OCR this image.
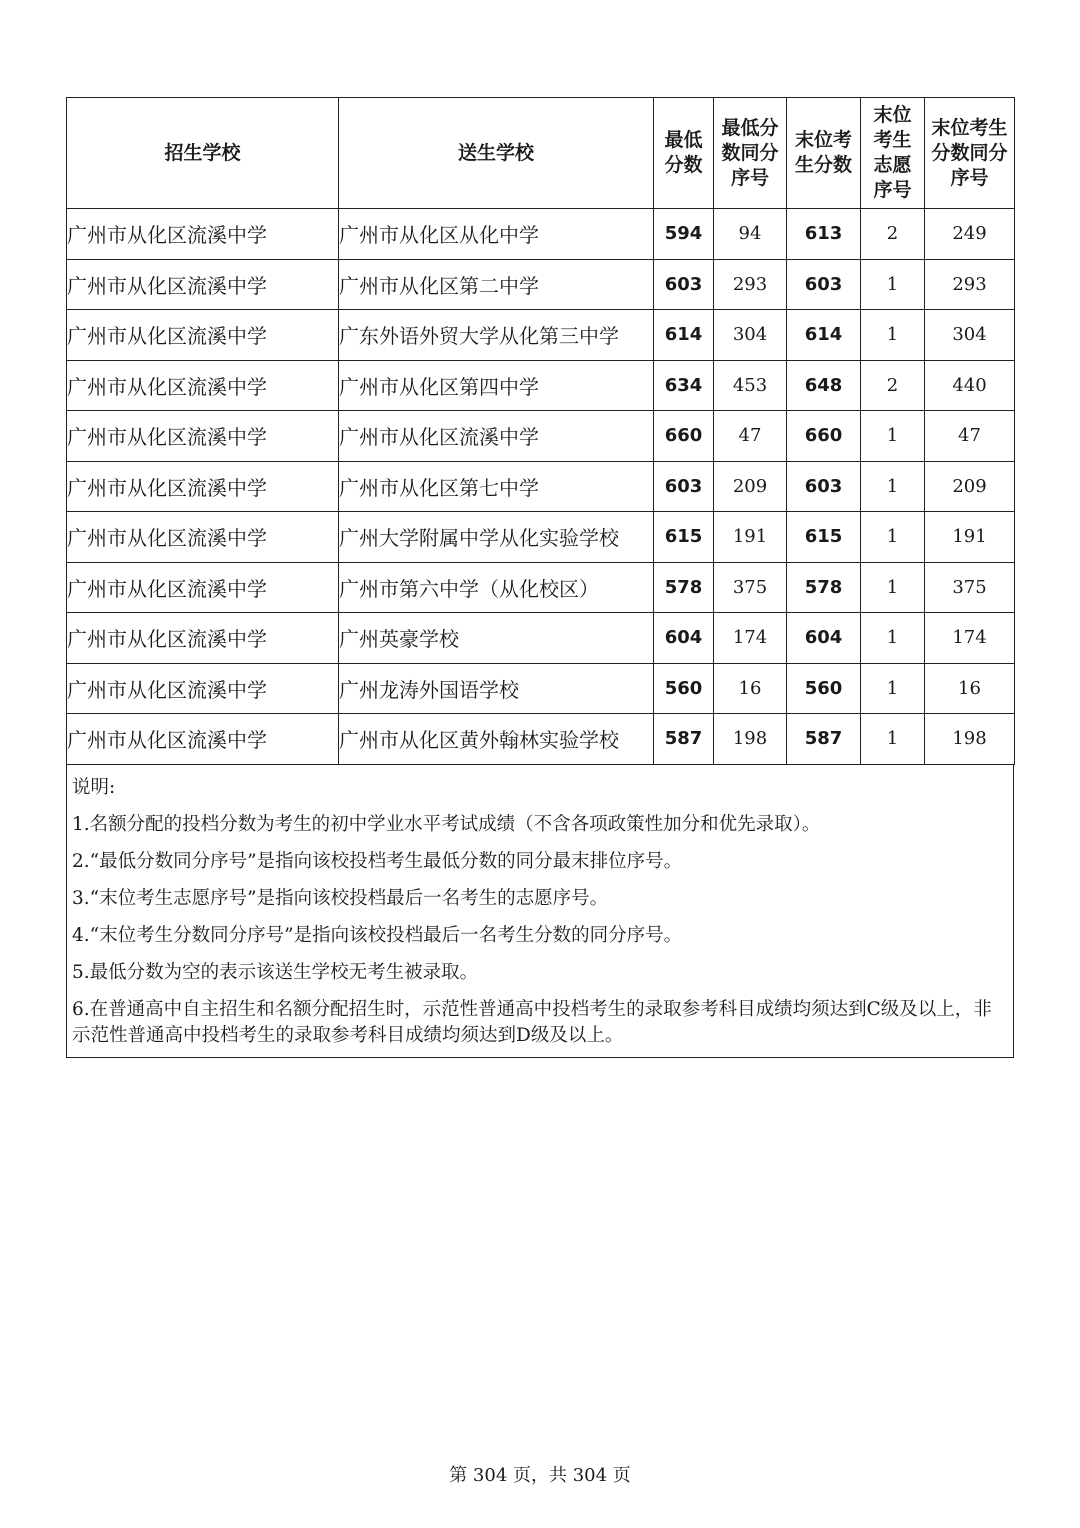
招生学校	送生学校	最低分数	最低分数同分序号	末位考生分数	末位考生志愿序号	末位考生分数同分序号
广州市从化区流溪中学	广州市从化区从化中学	594	94	613	2	249
广州市从化区流溪中学	广州市从化区第二中学	603	293	603	1	293
广州市从化区流溪中学	广东外语外贸大学从化第三中学	614	304	614	1	304
广州市从化区流溪中学	广州市从化区第四中学	634	453	648	2	440
广州市从化区流溪中学	广州市从化区流溪中学	660	47	660	1	47
广州市从化区流溪中学	广州市从化区第七中学	603	209	603	1	209
广州市从化区流溪中学	广州大学附属中学从化实验学校	615	191	615	1	191
广州市从化区流溪中学	广州市第六中学（从化校区）	578	375	578	1	375
广州市从化区流溪中学	广州英豪学校	604	174	604	1	174
广州市从化区流溪中学	广州龙涛外国语学校	560	16	560	1	16
广州市从化区流溪中学	广州市从化区黄外翰林实验学校	587	198	587	1	198

说明:

1.名额分配的投档分数为考生的初中学业水平考试成绩（不含各项政策性加分和优先录取）。

2.“最低分数同分序号”是指向该校投档考生最低分数的同分最末排位序号。

3.“末位考生志愿序号”是指向该校投档最后一名考生的志愿序号。

4.“末位考生分数同分序号”是指向该校投档最后一名考生分数的同分序号。

5.最低分数为空的表示该送生学校无考生被录取。

6.在普通高中自主招生和名额分配招生时，示范性普通高中投档考生的录取参考科目成绩均须达到C级及以上，非示范性普通高中投档考生的录取参考科目成绩均须达到D级及以上。

第 304 页，共 304 页
